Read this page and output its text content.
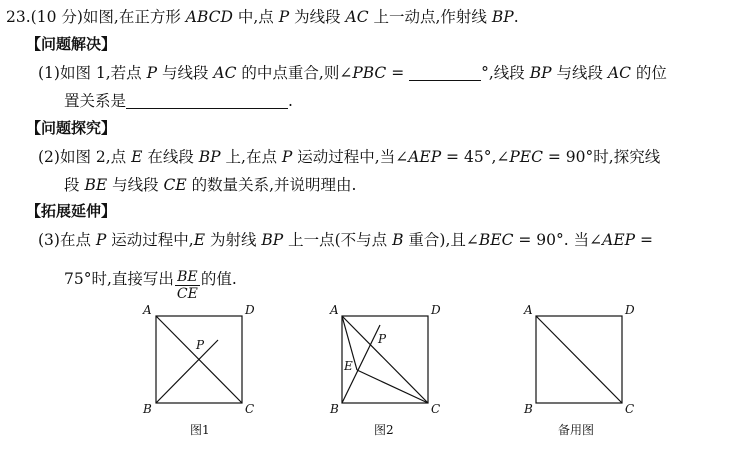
23.(10 分)如图,在正方形 ABCD 中,点 P 为线段 AC 上一动点,作射线 BP.
【问题解决】
(1)如图 1,若点 P 与线段 AC 的中点重合,则∠PBC =	°,线段 BP 与线段 AC 的位
置关系是	.
【问题探究】
(2)如图 2,点 E 在线段 BP 上,在点 P 运动过程中,当∠AEP = 45°,∠PEC = 90°时,探究线
段 BE 与线段 CE 的数量关系,并说明理由.
【拓展延伸】
(3)在点 P 运动过程中,E 为射线 BP 上一点(不与点 B 重合),且∠BEC = 90°. 当∠AEP =
75°时,直接写出 $\frac{BE}{CE}$ 的值.
A	D
B	C
P
图1
A	D
B	C
P
E
图2
A	D
B	C
备用图
